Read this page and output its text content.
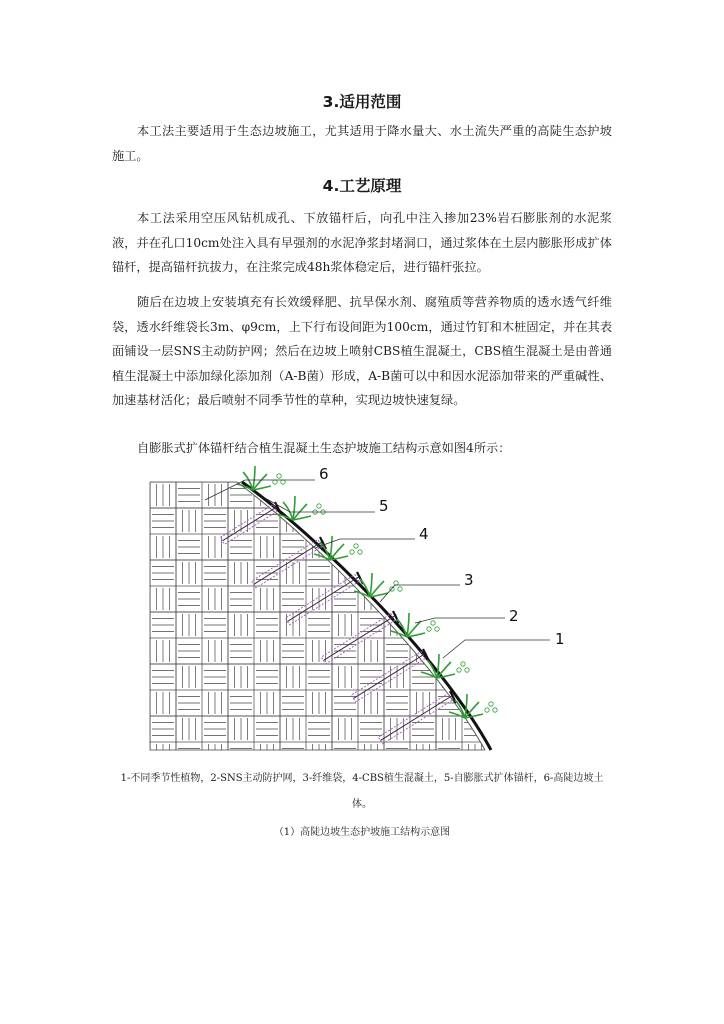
3.适用范围

本工法主要适用于生态边坡施工，尤其适用于降水量大、水土流失严重的高陡生态护坡施工。

4.工艺原理

本工法采用空压风钻机成孔、下放锚杆后，向孔中注入掺加23%岩石膨胀剂的水泥浆液，并在孔口10cm处注入具有早强剂的水泥净浆封堵洞口，通过浆体在土层内膨胀形成扩体锚杆，提高锚杆抗拔力，在注浆完成48h浆体稳定后，进行锚杆张拉。

随后在边坡上安装填充有长效缓释肥、抗旱保水剂、腐殖质等营养物质的透水透气纤维袋，透水纤维袋长3m、φ9cm，上下行布设间距为100cm，通过竹钉和木桩固定，并在其表面铺设一层SNS主动防护网；然后在边坡上喷射CBS植生混凝土，CBS植生混凝土是由普通植生混凝土中添加绿化添加剂（A-B菌）形成，A-B菌可以中和因水泥添加带来的严重碱性、加速基材活化；最后喷射不同季节性的草种，实现边坡快速复绿。

自膨胀式扩体锚杆结合植生混凝土生态护坡施工结构示意如图4所示：

6
5
4
3
2
1
1-不同季节性植物，2-SNS主动防护网，3-纤维袋，4-CBS植生混凝土，5-自膨胀式扩体锚杆，6-高陡边坡土体。
（1）高陡边坡生态护坡施工结构示意图
